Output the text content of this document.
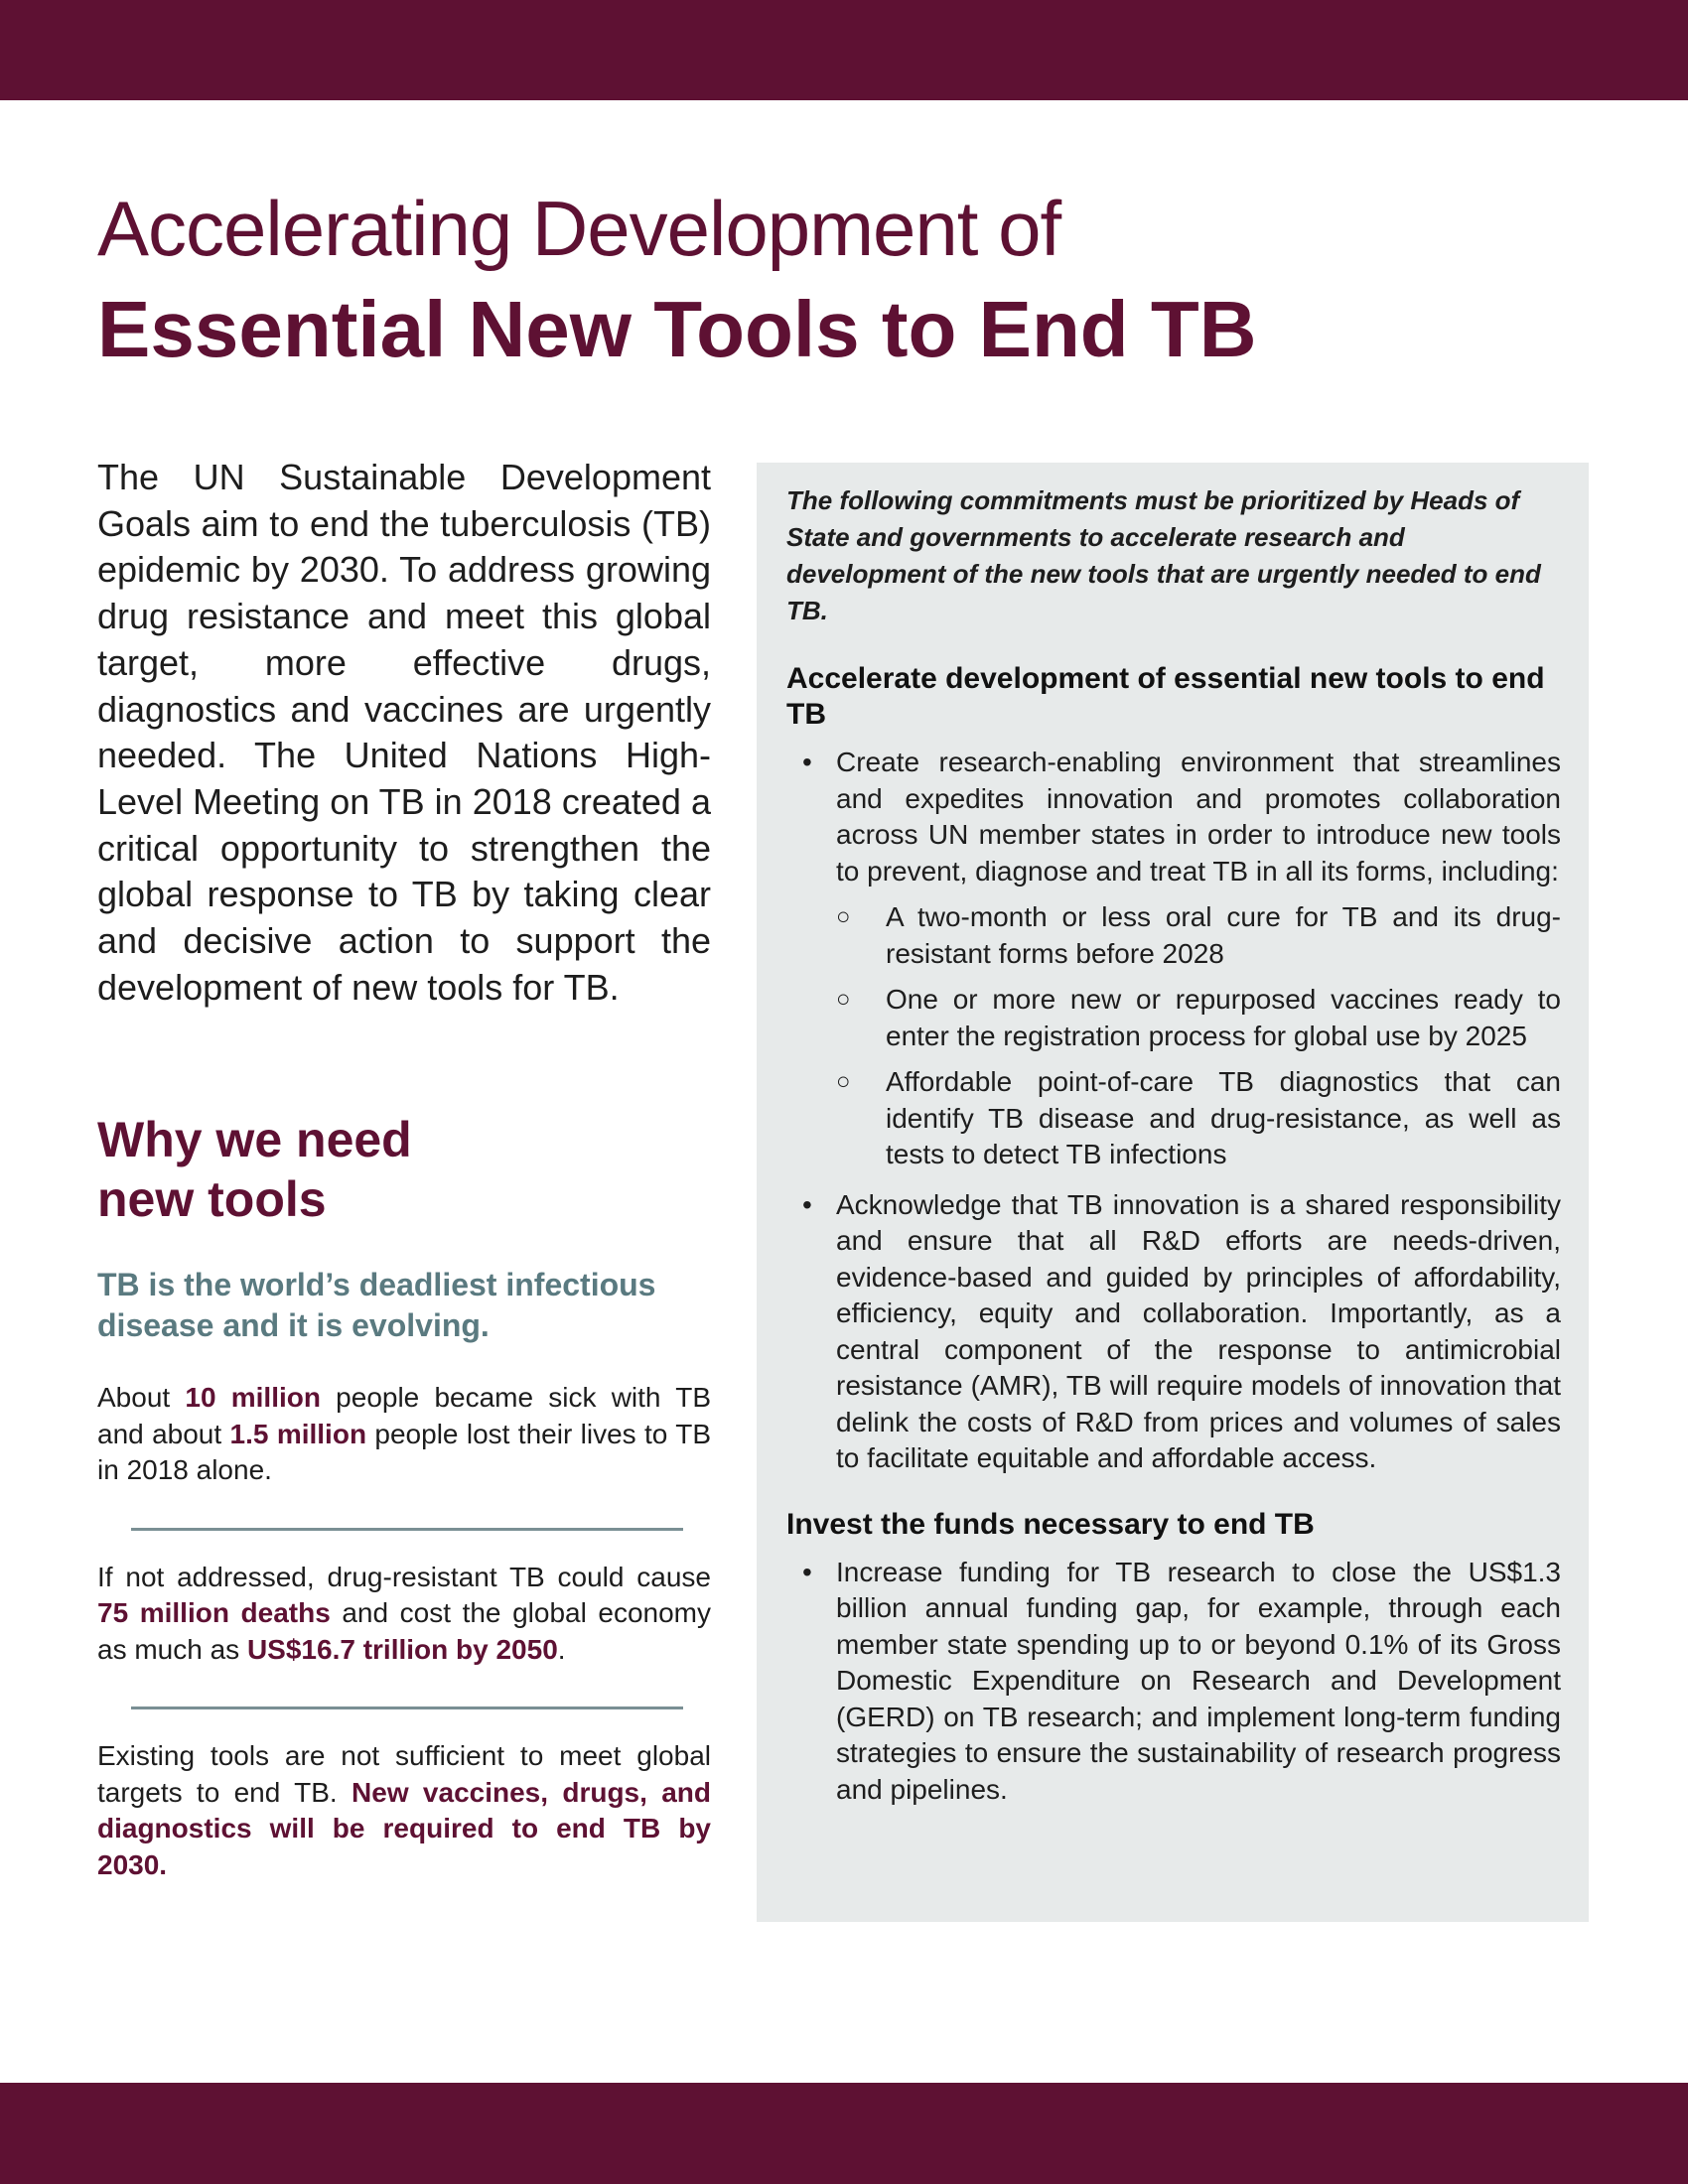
Accelerating Development of
Essential New Tools to End TB

The UN Sustainable Development Goals aim to end the tuberculosis (TB) epidemic by 2030. To address growing drug resistance and meet this global target, more effective drugs, diagnostics and vaccines are urgently needed. The United Nations High-Level Meeting on TB in 2018 created a critical opportunity to strengthen the global response to TB by taking clear and decisive action to support the development of new tools for TB.

Why we need
new tools

TB is the world’s deadliest infectious disease and it is evolving.

About 10 million people became sick with TB and about 1.5 million people lost their lives to TB in 2018 alone.

If not addressed, drug-resistant TB could cause 75 million deaths and cost the global economy as much as US$16.7 trillion by 2050.

Existing tools are not sufficient to meet global targets to end TB. New vaccines, drugs, and diagnostics will be required to end TB by 2030.

The following commitments must be prioritized by Heads of State and governments to accelerate research and development of the new tools that are urgently needed to end TB.

Accelerate development of essential new tools to end TB
• Create research-enabling environment that streamlines and expedites innovation and promotes collaboration across UN member states in order to introduce new tools to prevent, diagnose and treat TB in all its forms, including:
○ A two-month or less oral cure for TB and its drug-resistant forms before 2028
○ One or more new or repurposed vaccines ready to enter the registration process for global use by 2025
○ Affordable point-of-care TB diagnostics that can identify TB disease and drug-resistance, as well as tests to detect TB infections
• Acknowledge that TB innovation is a shared responsibility and ensure that all R&D efforts are needs-driven, evidence-based and guided by principles of affordability, efficiency, equity and collaboration. Importantly, as a central component of the response to antimicrobial resistance (AMR), TB will require models of innovation that delink the costs of R&D from prices and volumes of sales to facilitate equitable and affordable access.
Invest the funds necessary to end TB
• Increase funding for TB research to close the US$1.3 billion annual funding gap, for example, through each member state spending up to or beyond 0.1% of its Gross Domestic Expenditure on Research and Development (GERD) on TB research; and implement long-term funding strategies to ensure the sustainability of research progress and pipelines.
